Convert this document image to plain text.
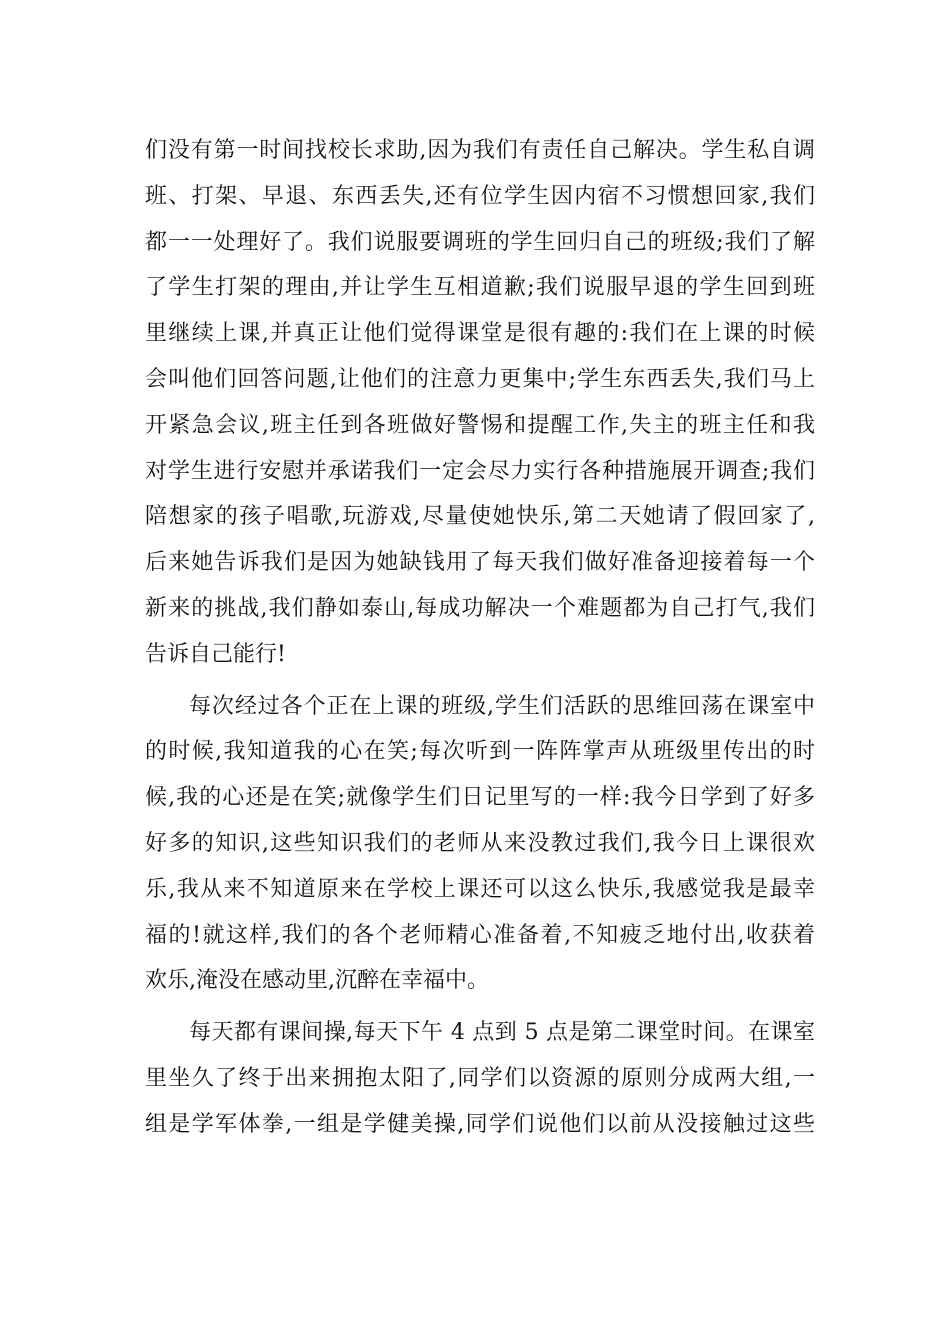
们没有第一时间找校长求助,因为我们有责任自己解决。学生私自调
班、打架、早退、东西丢失,还有位学生因内宿不习惯想回家,我们
都一一处理好了。我们说服要调班的学生回归自己的班级;我们了解
了学生打架的理由,并让学生互相道歉;我们说服早退的学生回到班
里继续上课,并真正让他们觉得课堂是很有趣的:我们在上课的时候
会叫他们回答问题,让他们的注意力更集中;学生东西丢失,我们马上
开紧急会议,班主任到各班做好警惕和提醒工作,失主的班主任和我
对学生进行安慰并承诺我们一定会尽力实行各种措施展开调查;我们
陪想家的孩子唱歌,玩游戏,尽量使她快乐,第二天她请了假回家了,
后来她告诉我们是因为她缺钱用了每天我们做好准备迎接着每一个
新来的挑战,我们静如泰山,每成功解决一个难题都为自己打气,我们
告诉自己能行!
每次经过各个正在上课的班级,学生们活跃的思维回荡在课室中
的时候,我知道我的心在笑;每次听到一阵阵掌声从班级里传出的时
候,我的心还是在笑;就像学生们日记里写的一样:我今日学到了好多
好多的知识,这些知识我们的老师从来没教过我们,我今日上课很欢
乐,我从来不知道原来在学校上课还可以这么快乐,我感觉我是最幸
福的!就这样,我们的各个老师精心准备着,不知疲乏地付出,收获着
欢乐,淹没在感动里,沉醉在幸福中。
每天都有课间操,每天下午 4 点到 5 点是第二课堂时间。在课室
里坐久了终于出来拥抱太阳了,同学们以资源的原则分成两大组,一
组是学军体拳,一组是学健美操,同学们说他们以前从没接触过这些
